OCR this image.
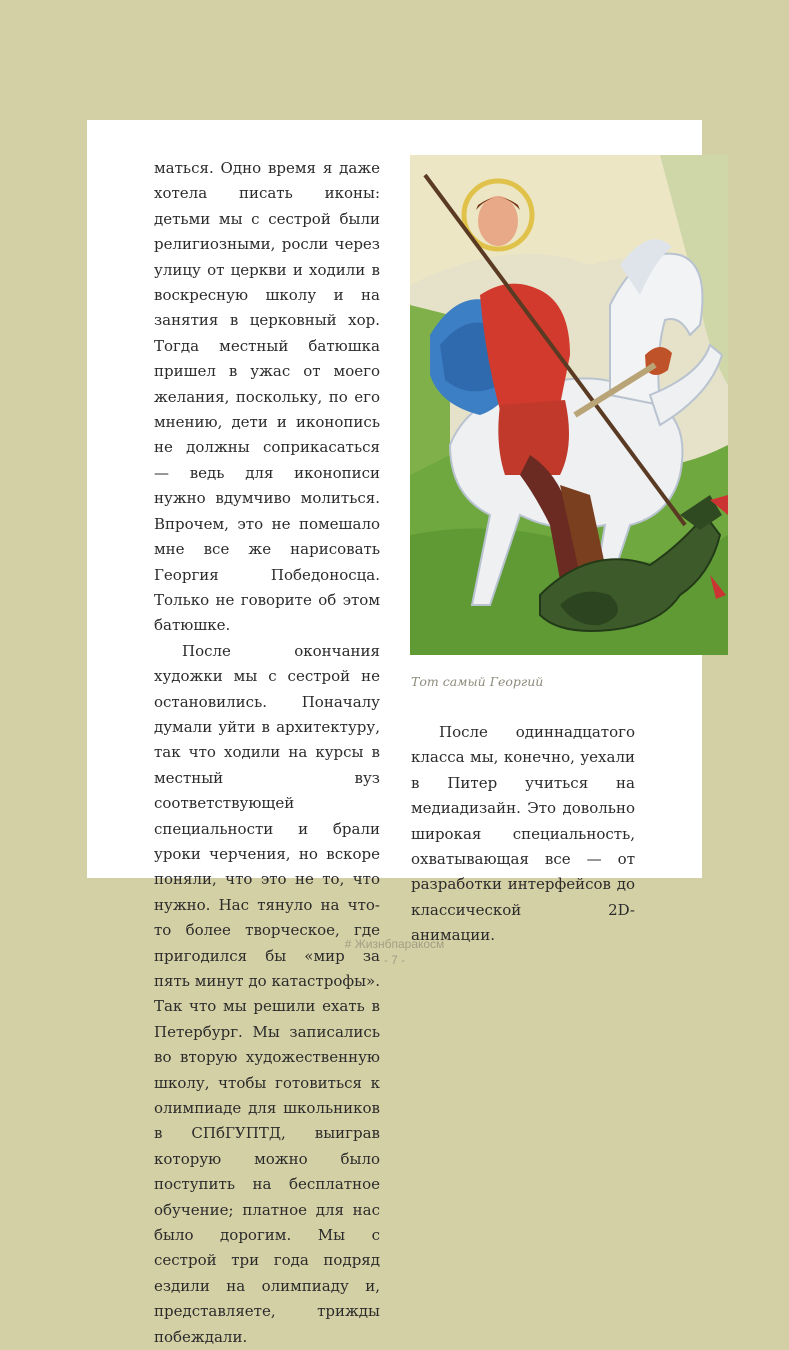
матьcя. Одно время я даже хотела писать иконы: детьми мы с сестрой были религиозными, росли через улицу от церкви и ходили в воскресную школу и на занятия в церковный хор. Тогда местный батюшка пришел в ужас от моего желания, поскольку, по его мнению, дети и иконопись не должны соприкасаться — ведь для иконописи нужно вдумчиво молиться. Впрочем, это не помешало мне все же нарисовать Георгия Победоносца. Только не говорите об этом батюшке.

После окончания художки мы с сестрой не остановились. Поначалу думали уйти в архитектуру, так что ходили на курсы в местный вуз соответствующей специальности и брали уроки черчения, но вскоре поняли, что это не то, что нужно. Нас тянуло на что-то более творческое, где пригодился бы «мир за пять минут до катастрофы». Так что мы решили ехать в Петербург. Мы записались во вторую художественную школу, чтобы готовиться к олимпиаде для школьников в СПбГУПТД, выиграв которую можно было поступить на бесплатное обучение; платное для нас было дорогим. Мы с сестрой три года подряд ездили на олимпиаду и, представляете, трижды побеждали.

Тот самый Георгий

После одиннадцатого класса мы, конечно, уехали в Питер учиться на медиадизайн. Это довольно широкая специальность, охватывающая все — от разработки интерфейсов до классической 2D-анимации.

# Жизнбпаракосм
- 7 -
